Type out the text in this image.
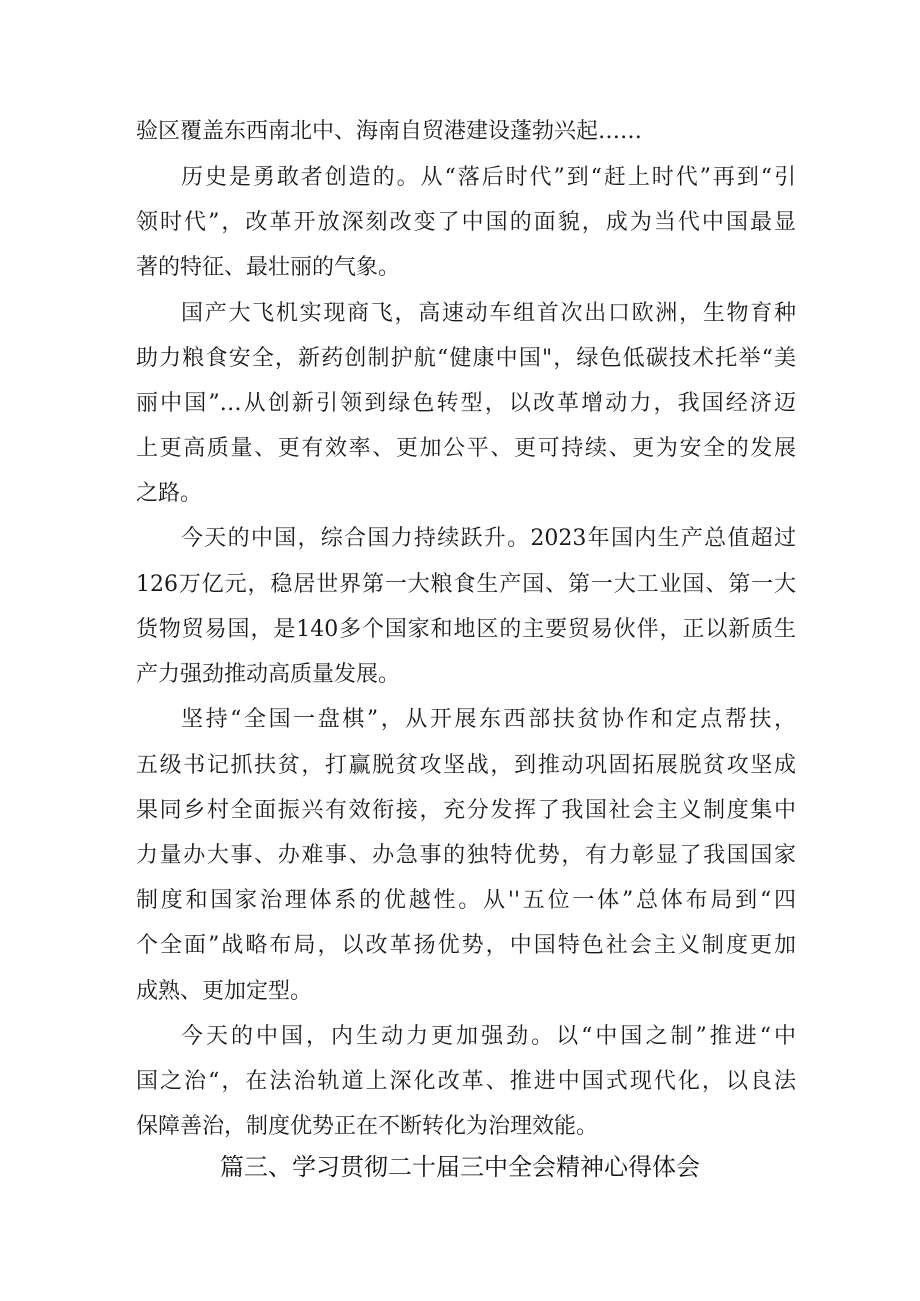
验区覆盖东西南北中、海南自贸港建设蓬勃兴起……
历史是勇敢者创造的。从“落后时代”到“赶上时代”再到“引
领时代”，改革开放深刻改变了中国的面貌，成为当代中国最显
著的特征、最壮丽的气象。
国产大飞机实现商飞，高速动车组首次出口欧洲，生物育种
助力粮食安全，新药创制护航“健康中国"，绿色低碳技术托举“美
丽中国”…从创新引领到绿色转型，以改革增动力，我国经济迈
上更高质量、更有效率、更加公平、更可持续、更为安全的发展
之路。
今天的中国，综合国力持续跃升。2023年国内生产总值超过
126万亿元，稳居世界第一大粮食生产国、第一大工业国、第一大
货物贸易国，是140多个国家和地区的主要贸易伙伴，正以新质生
产力强劲推动高质量发展。
坚持“全国一盘棋”，从开展东西部扶贫协作和定点帮扶，
五级书记抓扶贫，打赢脱贫攻坚战，到推动巩固拓展脱贫攻坚成
果同乡村全面振兴有效衔接，充分发挥了我国社会主义制度集中
力量办大事、办难事、办急事的独特优势，有力彰显了我国国家
制度和国家治理体系的优越性。从''五位一体”总体布局到“四
个全面”战略布局，以改革扬优势，中国特色社会主义制度更加
成熟、更加定型。
今天的中国，内生动力更加强劲。以“中国之制”推进“中
国之治“，在法治轨道上深化改革、推进中国式现代化，以良法
保障善治，制度优势正在不断转化为治理效能。
篇三、学习贯彻二十届三中全会精神心得体会
